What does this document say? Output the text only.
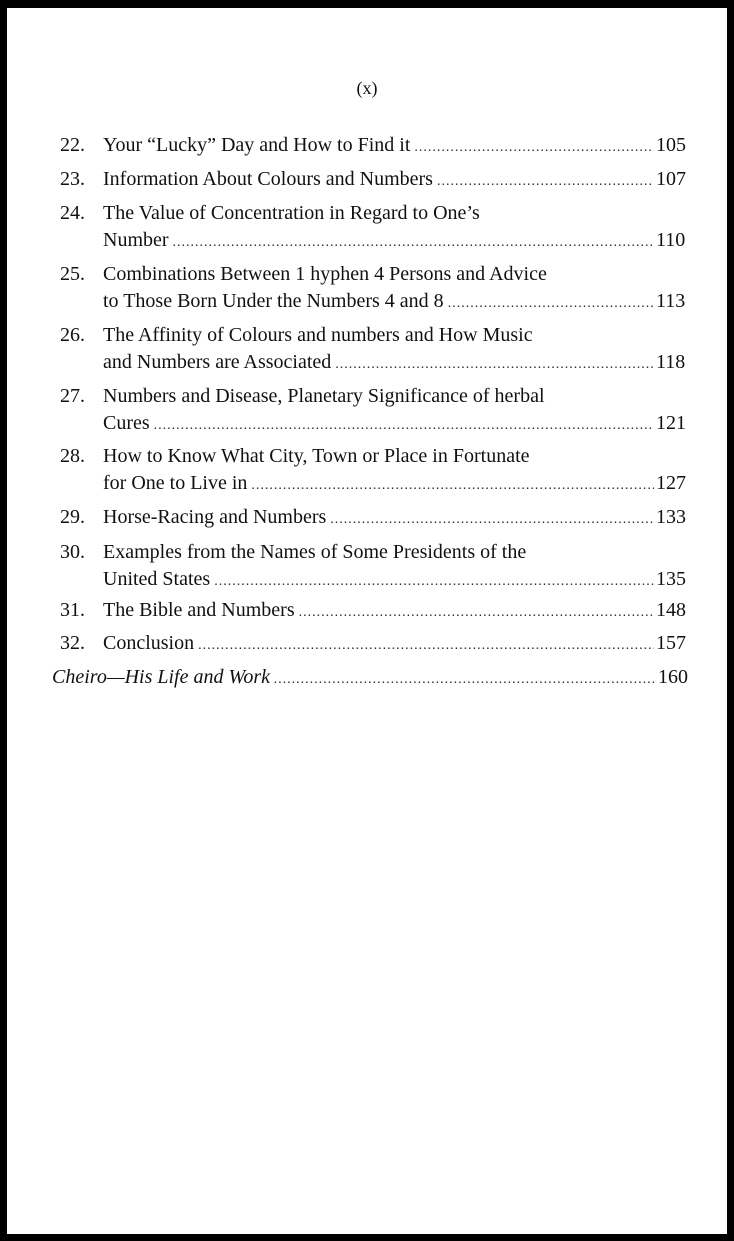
(x)
22. Your “Lucky” Day and How to Find it .....	105
23. Information About Colours and Numbers .....	107
24. The Value of Concentration in Regard to One’s
Number .....	110
25. Combinations Between 1 hyphen 4 Persons and Advice
to Those Born Under the Numbers 4 and 8 .....	113
26. The Affinity of Colours and numbers and How Music
and Numbers are Associated .....	118
27. Numbers and Disease, Planetary Significance of herbal
Cures .....	121
28. How to Know What City, Town or Place in Fortunate
for One to Live in .....	127
29. Horse-Racing and Numbers .....	133
30. Examples from the Names of Some Presidents of the
United States .....	135
31. The Bible and Numbers .....	148
32. Conclusion .....	157
Cheiro—His Life and Work .....	160
